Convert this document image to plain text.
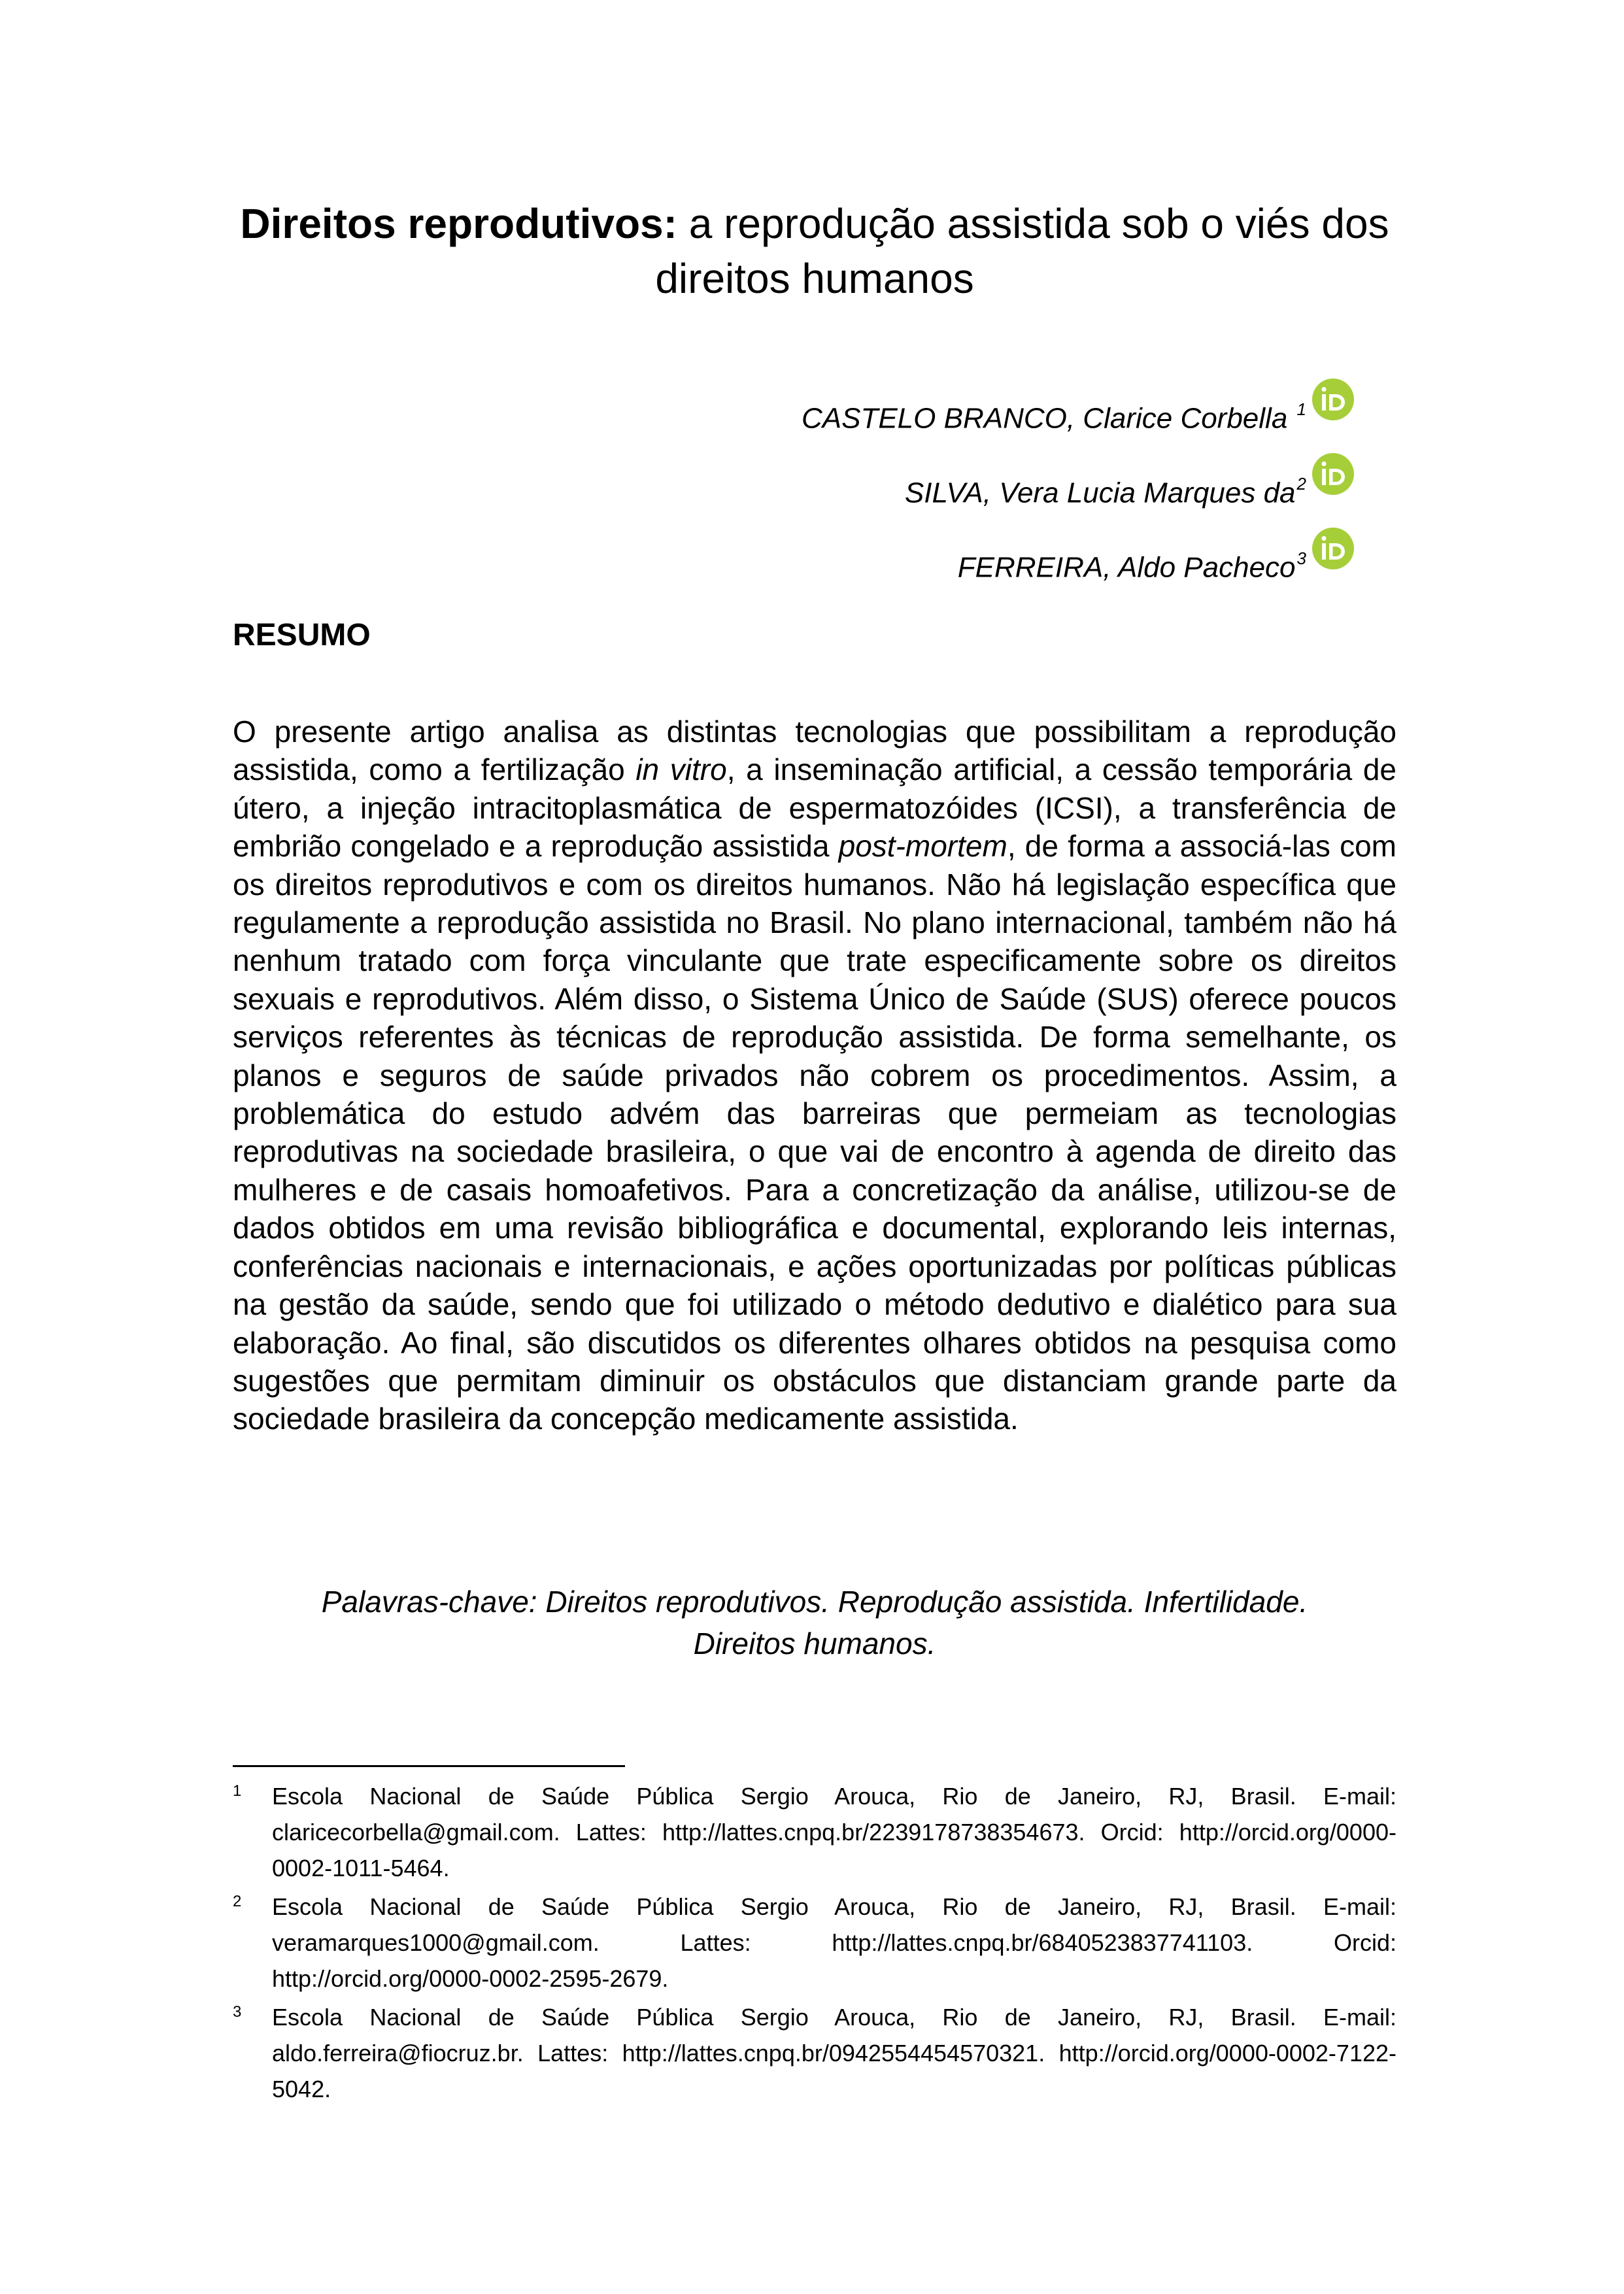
Direitos reprodutivos: a reprodução assistida sob o viés dos direitos humanos
CASTELO BRANCO, Clarice Corbella $^1$
SILVA, Vera Lucia Marques $da^2$
FERREIRA, Aldo Pacheco$^3$
RESUMO

O presente artigo analisa as distintas tecnologias que possibilitam a reprodução assistida, como a fertilização in vitro, a inseminação artificial, a cessão temporária de útero, a injeção intracitoplasmática de espermatozóides (ICSI), a transferência de embrião congelado e a reprodução assistida post-mortem, de forma a associá-las com os direitos reprodutivos e com os direitos humanos. Não há legislação específica que regulamente a reprodução assistida no Brasil. No plano internacional, também não há nenhum tratado com força vinculante que trate especificamente sobre os direitos sexuais e reprodutivos. Além disso, o Sistema Único de Saúde (SUS) oferece poucos serviços referentes às técnicas de reprodução assistida. De forma semelhante, os planos e seguros de saúde privados não cobrem os procedimentos. Assim, a problemática do estudo advém das barreiras que permeiam as tecnologias reprodutivas na sociedade brasileira, o que vai de encontro à agenda de direito das mulheres e de casais homoafetivos. Para a concretização da análise, utilizou-se de dados obtidos em uma revisão bibliográfica e documental, explorando leis internas, conferências nacionais e internacionais, e ações oportunizadas por políticas públicas na gestão da saúde, sendo que foi utilizado o método dedutivo e dialético para sua elaboração. Ao final, são discutidos os diferentes olhares obtidos na pesquisa como sugestões que permitam diminuir os obstáculos que distanciam grande parte da sociedade brasileira da concepção medicamente assistida.

Palavras-chave: Direitos reprodutivos. Reprodução assistida. Infertilidade.
Direitos humanos.

1 Escola Nacional de Saúde Pública Sergio Arouca, Rio de Janeiro, RJ, Brasil. E-mail: claricecorbella@gmail.com. Lattes: http://lattes.cnpq.br/2239178738354673. Orcid: http://orcid.org/0000-0002-1011-5464.
2 Escola Nacional de Saúde Pública Sergio Arouca, Rio de Janeiro, RJ, Brasil. E-mail: veramarques1000@gmail.com. Lattes: http://lattes.cnpq.br/6840523837741103. Orcid: http://orcid.org/0000-0002-2595-2679.
3 Escola Nacional de Saúde Pública Sergio Arouca, Rio de Janeiro, RJ, Brasil. E-mail: aldo.ferreira@fiocruz.br. Lattes: http://lattes.cnpq.br/0942554454570321. http://orcid.org/0000-0002-7122-5042.
